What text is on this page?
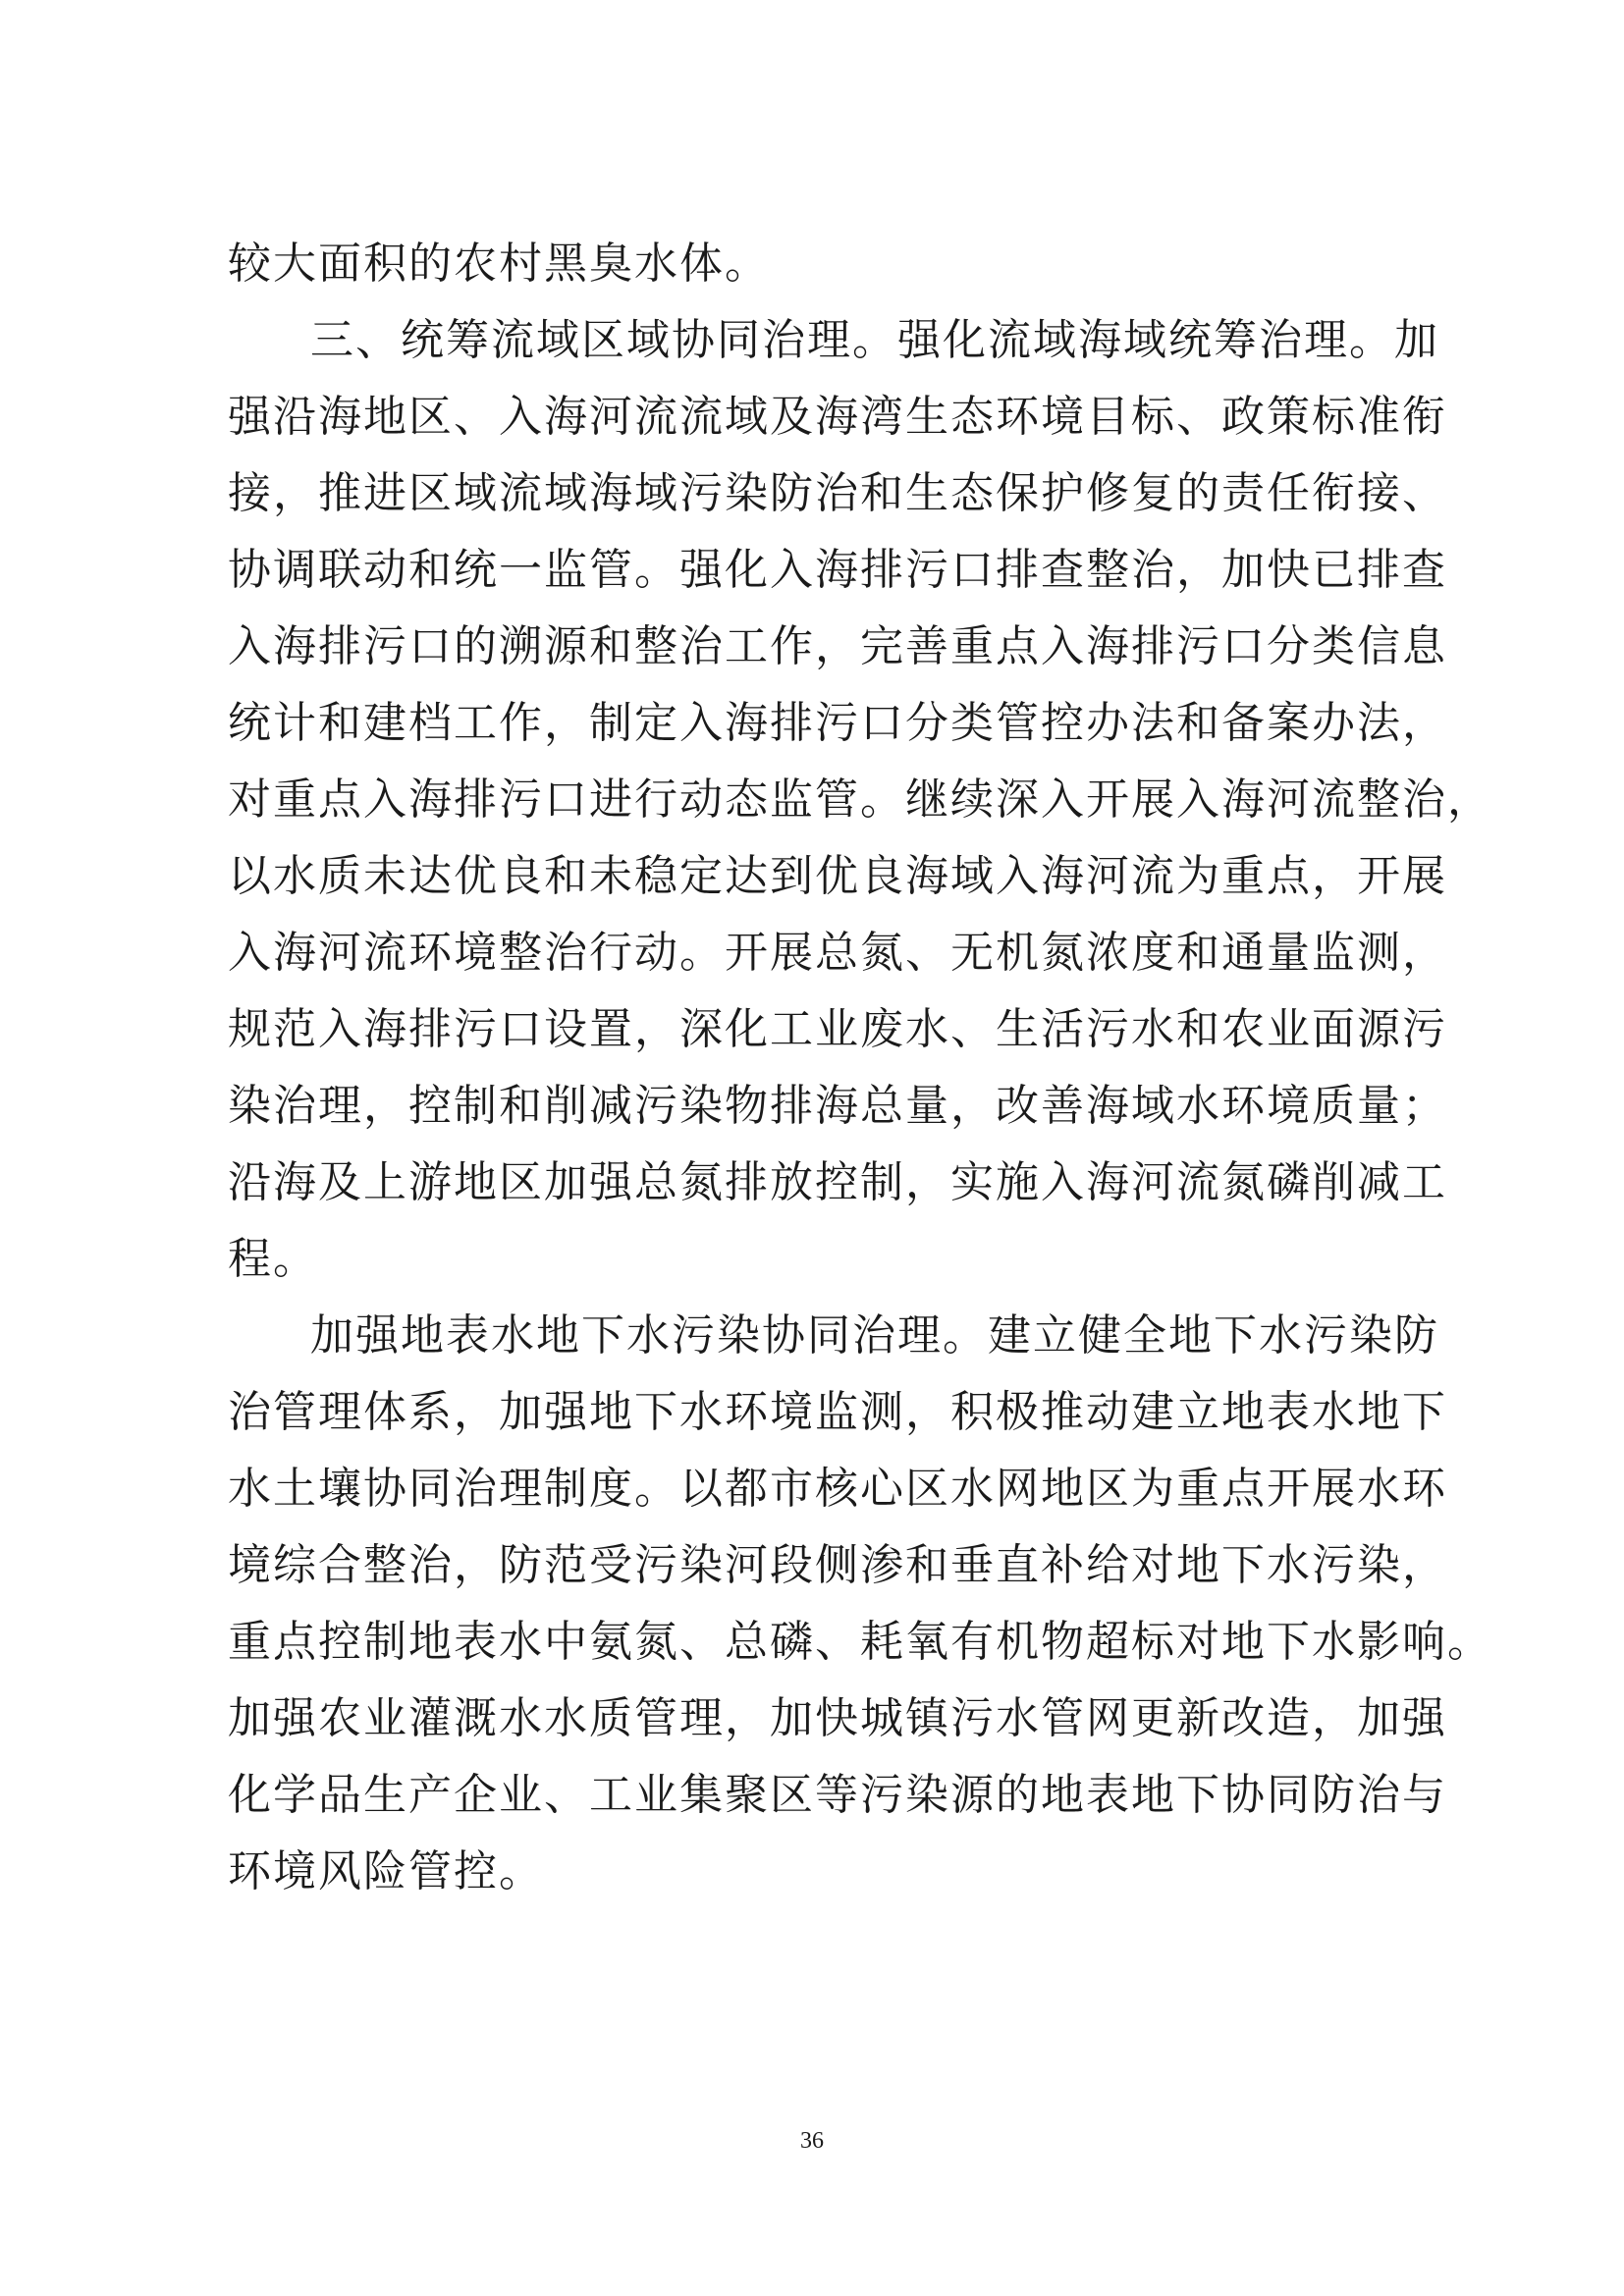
较大面积的农村黑臭水体。
三、统筹流域区域协同治理。强化流域海域统筹治理。加
强沿海地区、入海河流流域及海湾生态环境目标、政策标准衔
接，推进区域流域海域污染防治和生态保护修复的责任衔接、
协调联动和统一监管。强化入海排污口排查整治，加快已排查
入海排污口的溯源和整治工作，完善重点入海排污口分类信息
统计和建档工作，制定入海排污口分类管控办法和备案办法，
对重点入海排污口进行动态监管。继续深入开展入海河流整治，
以水质未达优良和未稳定达到优良海域入海河流为重点，开展
入海河流环境整治行动。开展总氮、无机氮浓度和通量监测，
规范入海排污口设置，深化工业废水、生活污水和农业面源污
染治理，控制和削减污染物排海总量，改善海域水环境质量；
沿海及上游地区加强总氮排放控制，实施入海河流氮磷削减工
程。
加强地表水地下水污染协同治理。建立健全地下水污染防
治管理体系，加强地下水环境监测，积极推动建立地表水地下
水土壤协同治理制度。以都市核心区水网地区为重点开展水环
境综合整治，防范受污染河段侧渗和垂直补给对地下水污染，
重点控制地表水中氨氮、总磷、耗氧有机物超标对地下水影响。
加强农业灌溉水水质管理，加快城镇污水管网更新改造，加强
化学品生产企业、工业集聚区等污染源的地表地下协同防治与
环境风险管控。
36
